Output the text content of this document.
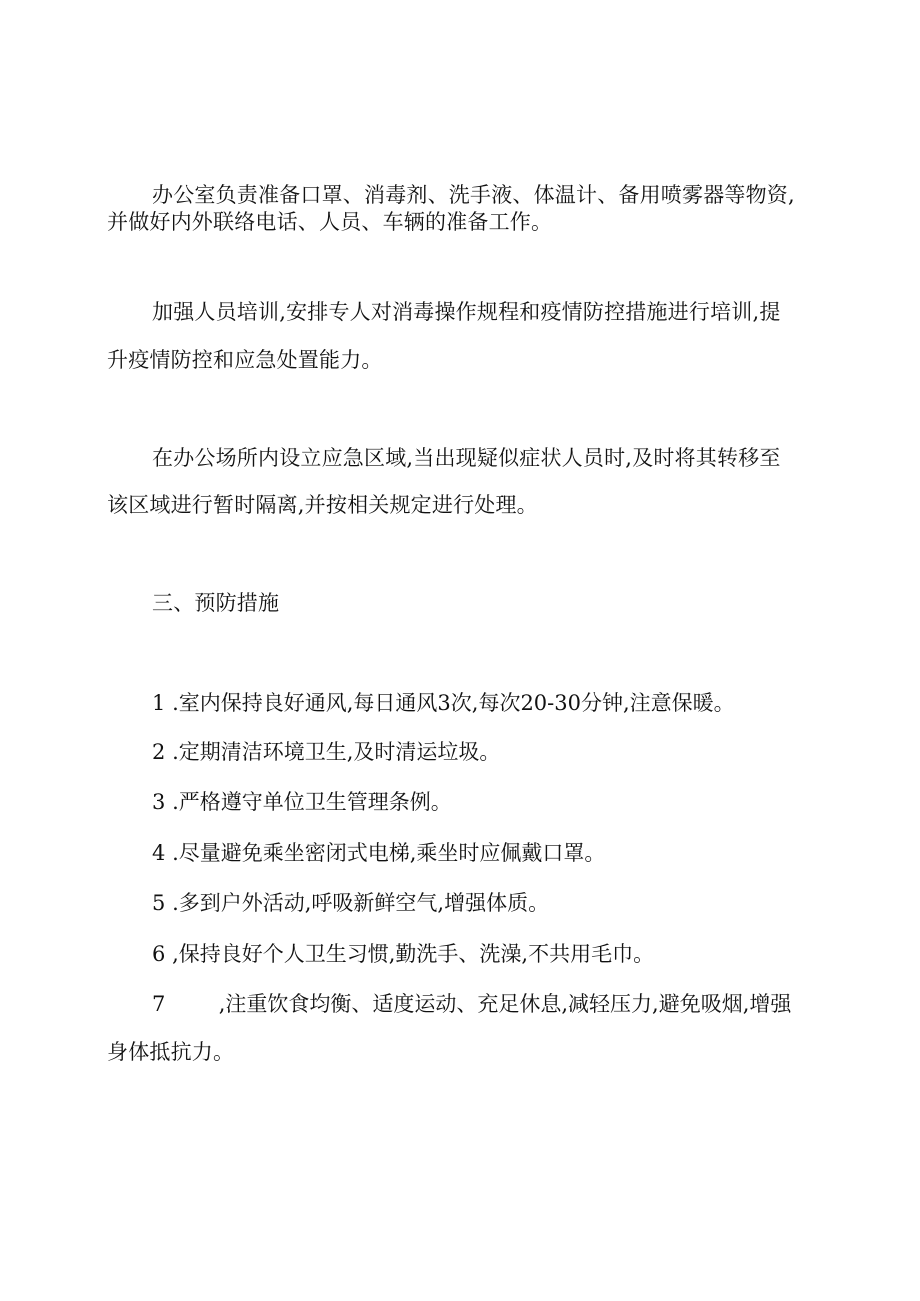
办公室负责准备口罩、消毒剂、洗手液、体温计、备用喷雾器等物资,
并做好内外联络电话、人员、车辆的准备工作。
加强人员培训,安排专人对消毒操作规程和疫情防控措施进行培训,提
升疫情防控和应急处置能力。
在办公场所内设立应急区域,当出现疑似症状人员时,及时将其转移至
该区域进行暂时隔离,并按相关规定进行处理。
三、预防措施
1 .室内保持良好通风,每日通风3次,每次20-30分钟,注意保暖。
2 .定期清洁环境卫生,及时清运垃圾。
3 .严格遵守单位卫生管理条例。
4 .尽量避免乘坐密闭式电梯,乘坐时应佩戴口罩。
5 .多到户外活动,呼吸新鲜空气,增强体质。
6 ,保持良好个人卫生习惯,勤洗手、洗澡,不共用毛巾。
7	,注重饮食均衡、适度运动、充足休息,减轻压力,避免吸烟,增强
身体抵抗力。
